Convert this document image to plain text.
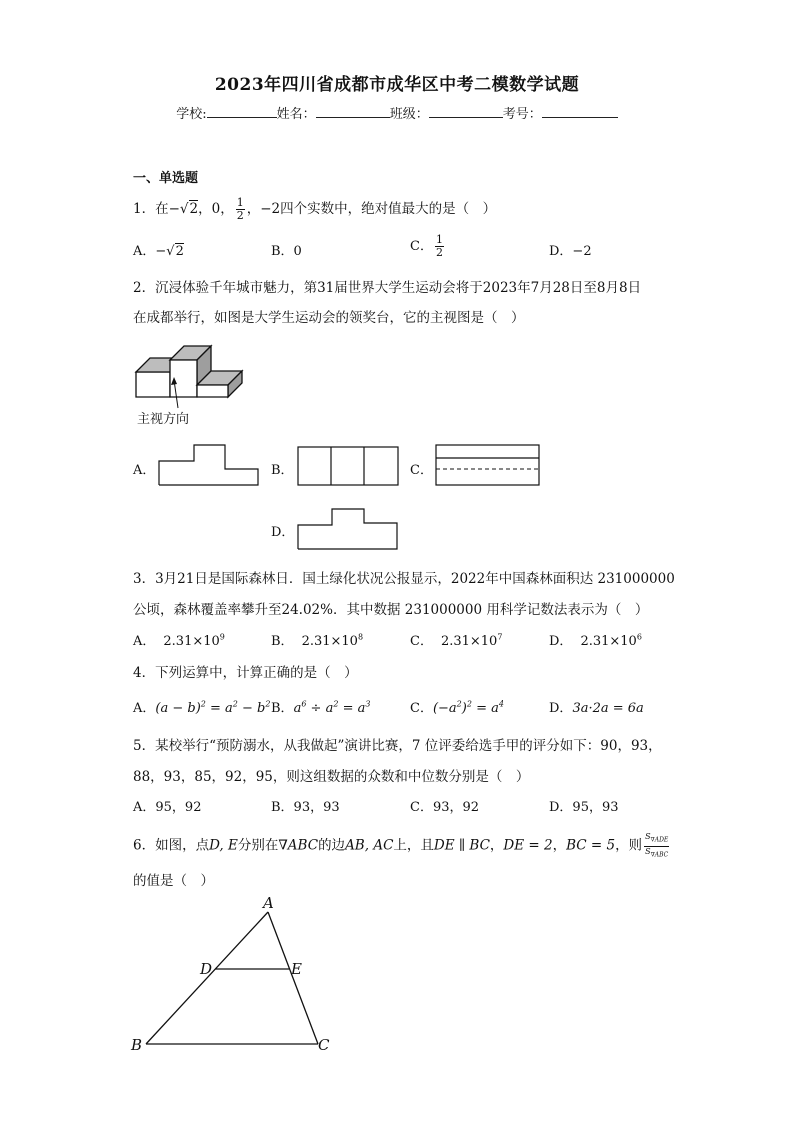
2023年四川省成都市成华区中考二模数学试题
学校:	姓名：	班级：	考号：
一、单选题
1．在−√2，0， $\frac{1}{2}$ ，−2四个实数中，绝对值最大的是（　）
A．−√2	B．0	C． $\frac{1}{2}$	D．−2
2．沉浸体验千年城市魅力，第31届世界大学生运动会将于2023年7月28日至8月8日
在成都举行，如图是大学生运动会的领奖台，它的主视图是（　）
主视方向
A．	B．	C．
D．
3．3月21日是国际森林日．国土绿化状况公报显示，2022年中国森林面积达 231000000
公顷，森林覆盖率攀升至24.02%．其中数据 231000000 用科学记数法表示为（　）
A． $2.31\times 10^9$	B． $2.31\times 10^8$	C． $2.31\times 10^7$	D． $2.31\times 10^6$
4．下列运算中，计算正确的是（　）
A．$(a - b)^2 = a^2 - b^2$ B．$a^6 \div a^2 = a^3$	C．$(-a^2)^2 = a^4$	D．3a·2a = 6a
5．某校举行“预防溺水，从我做起”演讲比赛，7 位评委给选手甲的评分如下：90，93，
88，93，85，92，95，则这组数据的众数和中位数分别是（　）
A．95，92	B．93，93	C．93，92	D．95，93
6．如图，点D, E分别在∇ABC的边AB, AC上，且DE ∥ BC，DE = 2，BC = 5，则 $\frac{S_{\nabla ADE}}{S_{\nabla ABC}}$
的值是（　）
A
D	E
B	C
